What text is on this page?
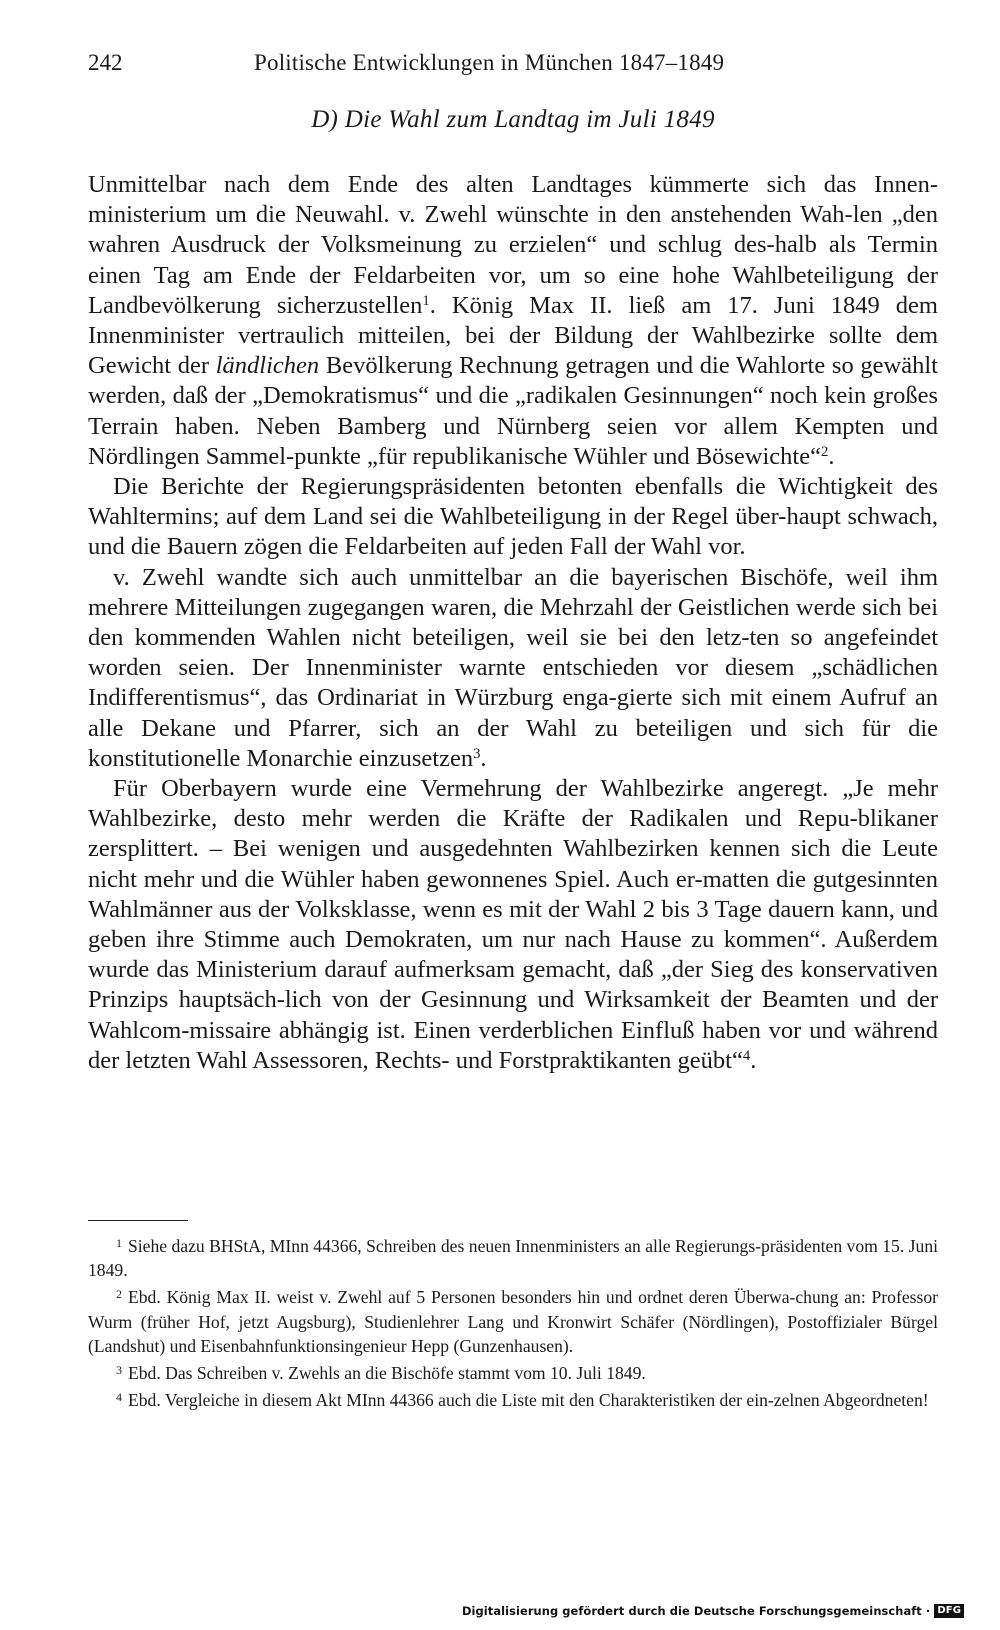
242	Politische Entwicklungen in München 1847–1849
D) Die Wahl zum Landtag im Juli 1849

Unmittelbar nach dem Ende des alten Landtages kümmerte sich das Innen-ministerium um die Neuwahl. v. Zwehl wünschte in den anstehenden Wah-len „den wahren Ausdruck der Volksmeinung zu erzielen“ und schlug des-halb als Termin einen Tag am Ende der Feldarbeiten vor, um so eine hohe Wahlbeteiligung der Landbevölkerung sicherzustellen$^1$. König Max II. ließ am 17. Juni 1849 dem Innenminister vertraulich mitteilen, bei der Bildung der Wahlbezirke sollte dem Gewicht der ländlichen Bevölkerung Rechnung getragen und die Wahlorte so gewählt werden, daß der „Demokratismus“ und die „radikalen Gesinnungen“ noch kein großes Terrain haben. Neben Bamberg und Nürnberg seien vor allem Kempten und Nördlingen Sammel-punkte „für republikanische Wühler und Bösewichte“$^2$.

Die Berichte der Regierungspräsidenten betonten ebenfalls die Wichtigkeit des Wahltermins; auf dem Land sei die Wahlbeteiligung in der Regel über-haupt schwach, und die Bauern zögen die Feldarbeiten auf jeden Fall der Wahl vor.

v. Zwehl wandte sich auch unmittelbar an die bayerischen Bischöfe, weil ihm mehrere Mitteilungen zugegangen waren, die Mehrzahl der Geistlichen werde sich bei den kommenden Wahlen nicht beteiligen, weil sie bei den letz-ten so angefeindet worden seien. Der Innenminister warnte entschieden vor diesem „schädlichen Indifferentismus“, das Ordinariat in Würzburg enga-gierte sich mit einem Aufruf an alle Dekane und Pfarrer, sich an der Wahl zu beteiligen und sich für die konstitutionelle Monarchie einzusetzen$^3$.

Für Oberbayern wurde eine Vermehrung der Wahlbezirke angeregt. „Je mehr Wahlbezirke, desto mehr werden die Kräfte der Radikalen und Repu-blikaner zersplittert. – Bei wenigen und ausgedehnten Wahlbezirken kennen sich die Leute nicht mehr und die Wühler haben gewonnenes Spiel. Auch er-matten die gutgesinnten Wahlmänner aus der Volksklasse, wenn es mit der Wahl 2 bis 3 Tage dauern kann, und geben ihre Stimme auch Demokraten, um nur nach Hause zu kommen“. Außerdem wurde das Ministerium darauf aufmerksam gemacht, daß „der Sieg des konservativen Prinzips hauptsäch-lich von der Gesinnung und Wirksamkeit der Beamten und der Wahlcom-missaire abhängig ist. Einen verderblichen Einfluß haben vor und während der letzten Wahl Assessoren, Rechts- und Forstpraktikanten geübt“$^4$.

$^1$ Siehe dazu BHStA, MInn 44366, Schreiben des neuen Innenministers an alle Regierungs-präsidenten vom 15. Juni 1849.

$^2$ Ebd. König Max II. weist v. Zwehl auf 5 Personen besonders hin und ordnet deren Überwa-chung an: Professor Wurm (früher Hof, jetzt Augsburg), Studienlehrer Lang und Kronwirt Schäfer (Nördlingen), Postoffizialer Bürgel (Landshut) und Eisenbahnfunktionsingenieur Hepp (Gunzenhausen).

$^3$ Ebd. Das Schreiben v. Zwehls an die Bischöfe stammt vom 10. Juli 1849.

$^4$ Ebd. Vergleiche in diesem Akt MInn 44366 auch die Liste mit den Charakteristiken der ein-zelnen Abgeordneten!

Digitalisierung gefördert durch die Deutsche Forschungsgemeinschaft · DFG
